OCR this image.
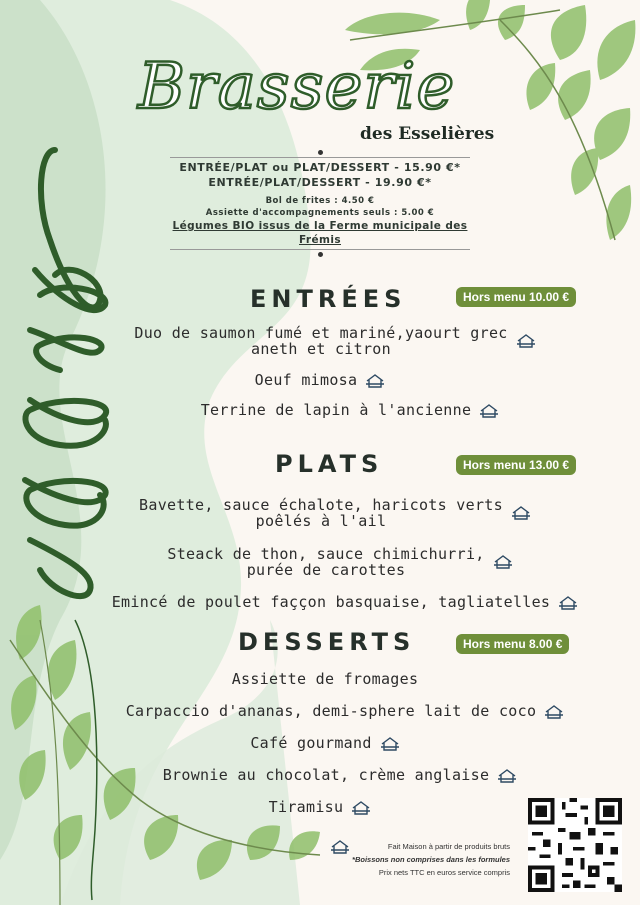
Brasserie
des Esselières
ENTRÉE/PLAT ou PLAT/DESSERT - 15.90 €*
ENTRÉE/PLAT/DESSERT - 19.90 €*
Bol de frites : 4.50 €
Assiette d'accompagnements seuls : 5.00 €
Légumes BIO issus de la Ferme municipale des Frémis
ENTRÉES	Hors menu 10.00 €
Duo de saumon fumé et mariné,yaourt grec
aneth et citron
Oeuf mimosa
Terrine de lapin à l'ancienne
PLATS	Hors menu 13.00 €
Bavette, sauce échalote, haricots verts
poêlés à l'ail
Steack de thon, sauce chimichurri,
purée de carottes
Emincé de poulet faççon basquaise, tagliatelles
DESSERTS	Hors menu 8.00 €
Assiette de fromages
Carpaccio d'ananas, demi-sphere lait de coco
Café gourmand
Brownie au chocolat, crème anglaise
Tiramisu
Fait Maison à partir de produits bruts
*Boissons non comprises dans les formules
Prix nets TTC en euros service compris
